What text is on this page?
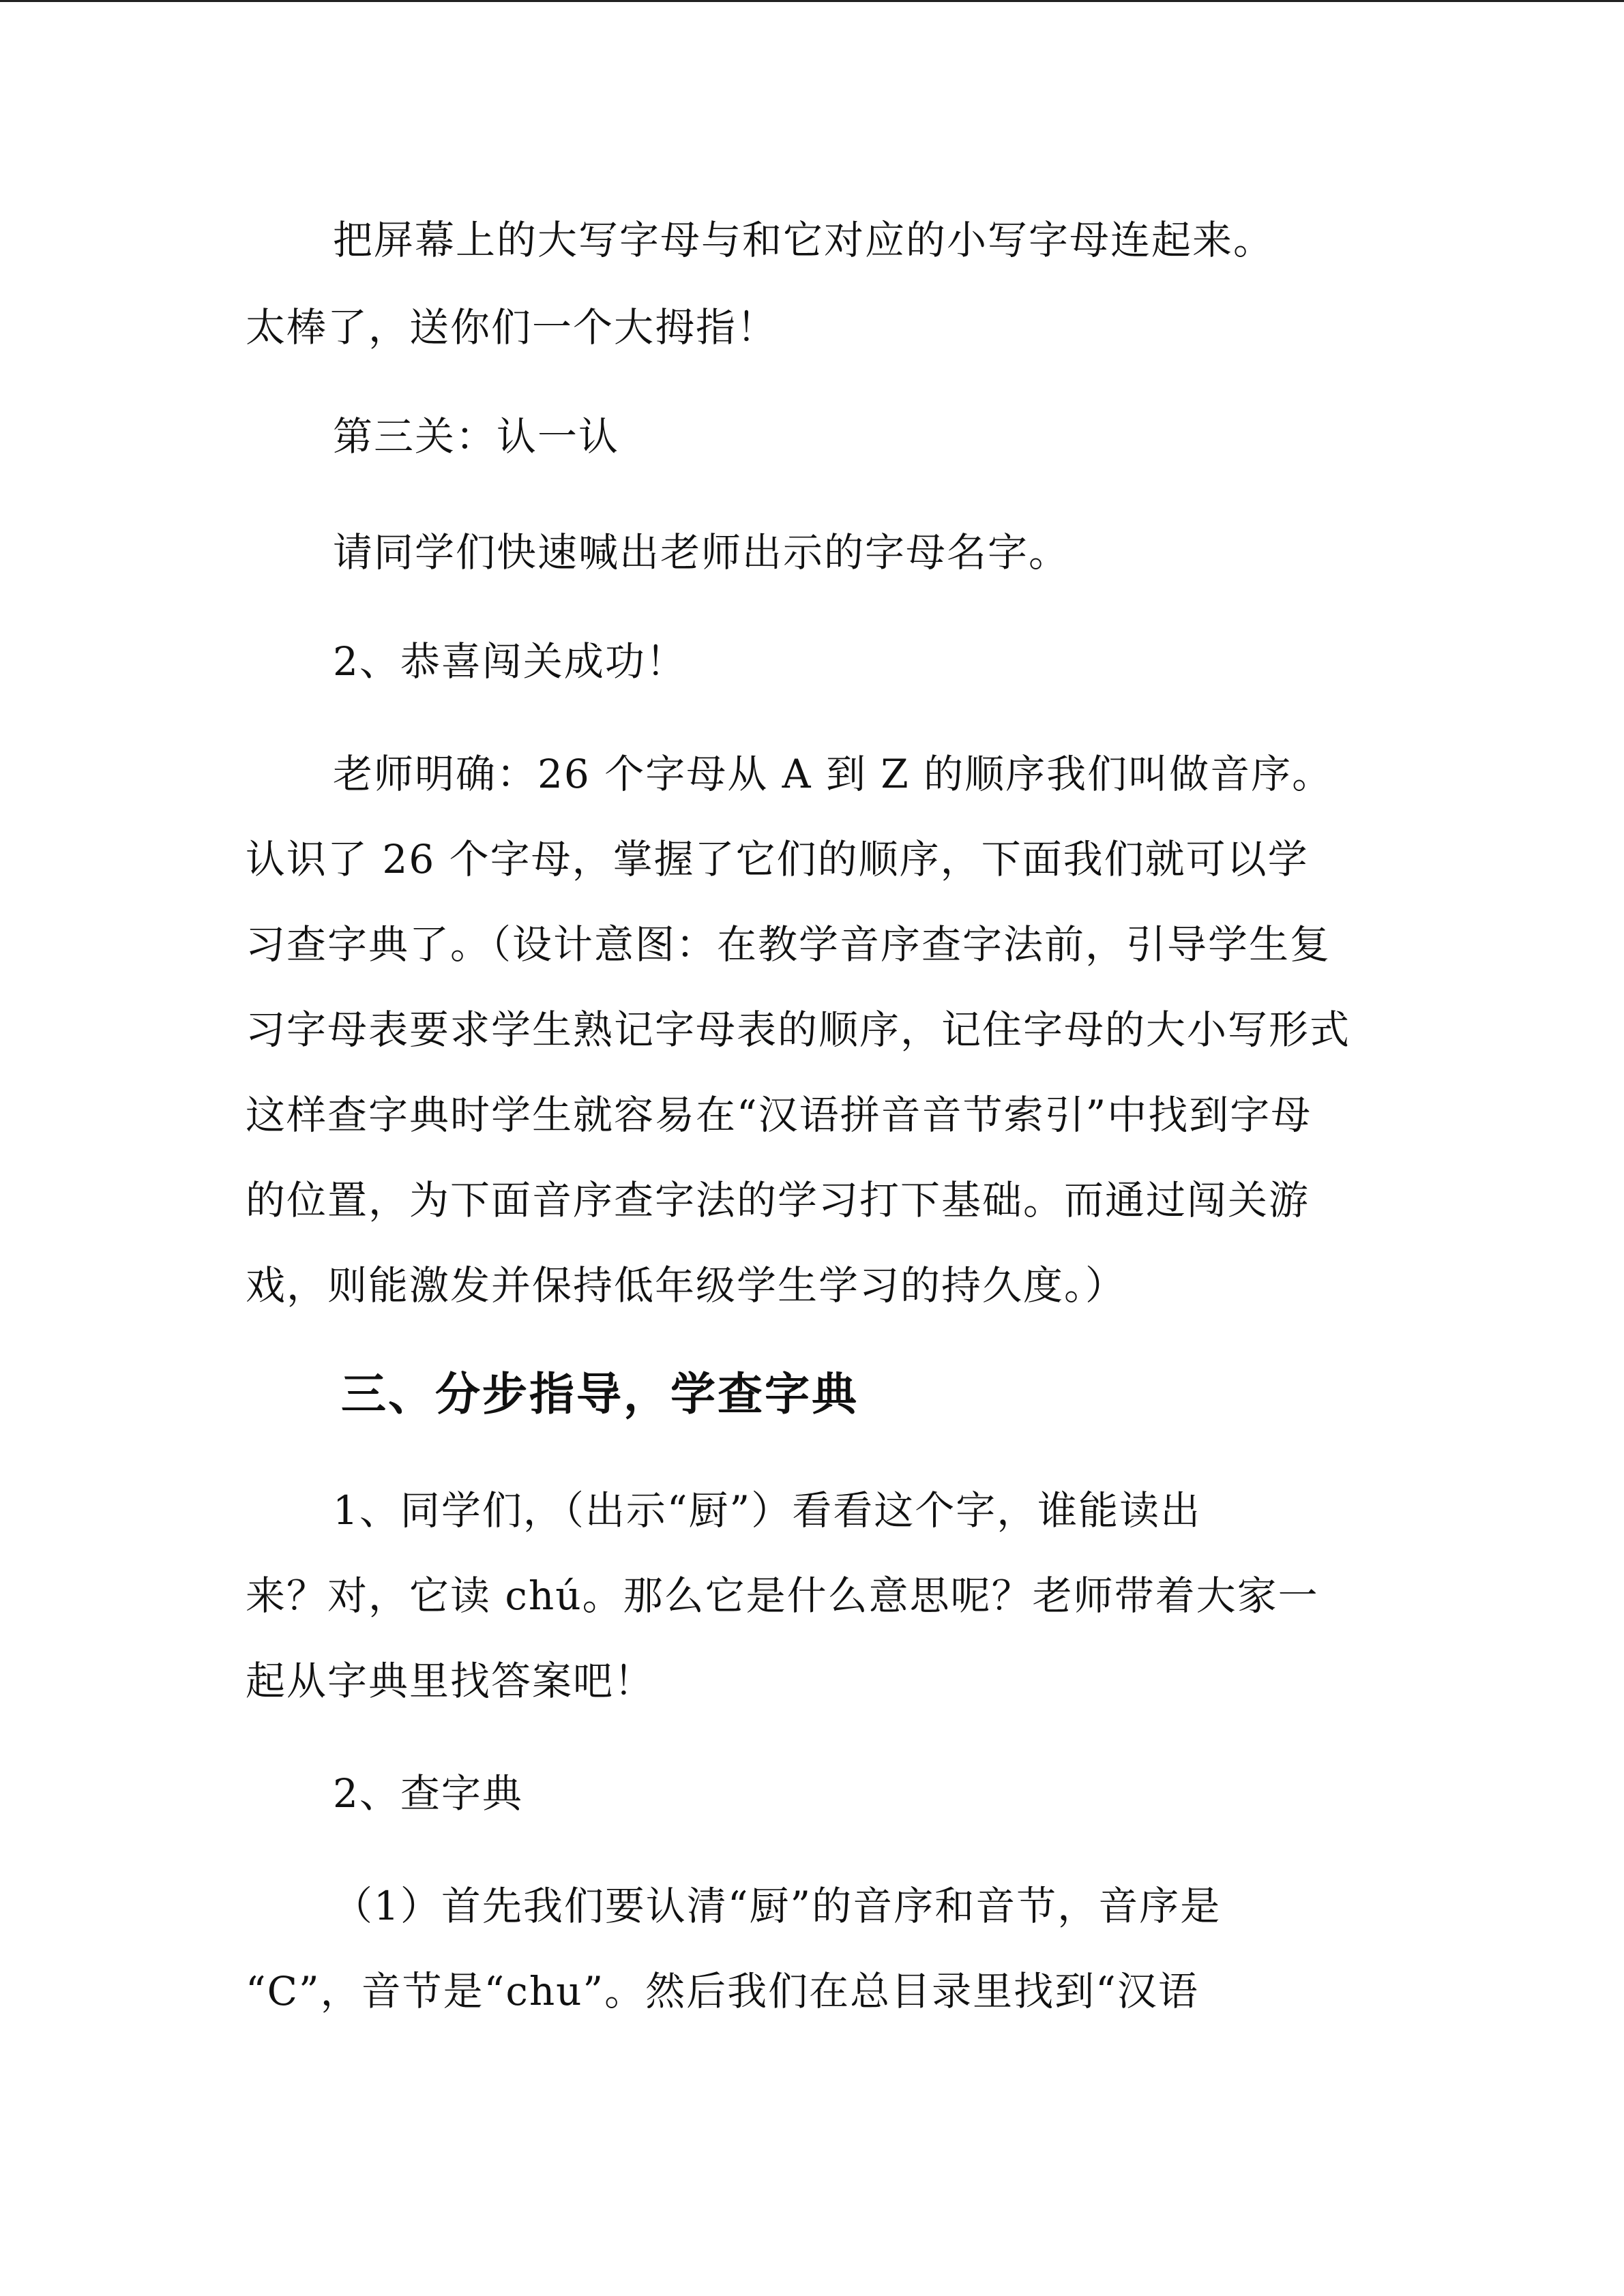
把屏幕上的大写字母与和它对应的小写字母连起来。
太棒了，送你们一个大拇指！
第三关：认一认
请同学们快速喊出老师出示的字母名字。
2、恭喜闯关成功！
老师明确：26 个字母从 A 到 Z 的顺序我们叫做音序。
认识了 26 个字母，掌握了它们的顺序，下面我们就可以学
习查字典了。（设计意图：在教学音序查字法前，引导学生复
习字母表要求学生熟记字母表的顺序，记住字母的大小写形式
这样查字典时学生就容易在“汉语拼音音节索引”中找到字母
的位置，为下面音序查字法的学习打下基础。而通过闯关游
戏，则能激发并保持低年级学生学习的持久度。）
三、分步指导，学查字典
1、同学们，（出示“厨”）看看这个字，谁能读出
来？对，它读 chú。那么它是什么意思呢？老师带着大家一
起从字典里找答案吧！
2、查字典
（1）首先我们要认清“厨”的音序和音节，音序是
“C”，音节是“chu”。然后我们在总目录里找到“汉语
